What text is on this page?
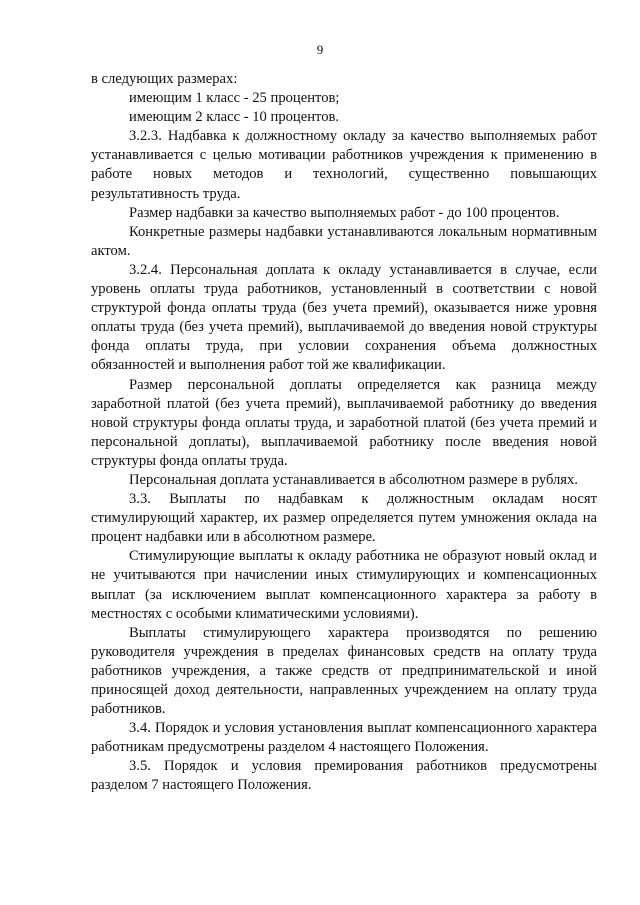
9

в следующих размерах:

имеющим 1 класс - 25 процентов;

имеющим 2 класс - 10 процентов.

3.2.3. Надбавка к должностному окладу за качество выполняемых работ устанавливается с целью мотивации работников учреждения к применению в работе новых методов и технологий, существенно повышающих результативность труда.

Размер надбавки за качество выполняемых работ - до 100 процентов.

Конкретные размеры надбавки устанавливаются локальным нормативным актом.

3.2.4. Персональная доплата к окладу устанавливается в случае, если уровень оплаты труда работников, установленный в соответствии с новой структурой фонда оплаты труда (без учета премий), оказывается ниже уровня оплаты труда (без учета премий), выплачиваемой до введения новой структуры фонда оплаты труда, при условии сохранения объема должностных обязанностей и выполнения работ той же квалификации.

Размер персональной доплаты определяется как разница между заработной платой (без учета премий), выплачиваемой работнику до введения новой структуры фонда оплаты труда, и заработной платой (без учета премий и персональной доплаты), выплачиваемой работнику после введения новой структуры фонда оплаты труда.

Персональная доплата устанавливается в абсолютном размере в рублях.

3.3. Выплаты по надбавкам к должностным окладам носят стимулирующий характер, их размер определяется путем умножения оклада на процент надбавки или в абсолютном размере.

Стимулирующие выплаты к окладу работника не образуют новый оклад и не учитываются при начислении иных стимулирующих и компенсационных выплат (за исключением выплат компенсационного характера за работу в местностях с особыми климатическими условиями).

Выплаты стимулирующего характера производятся по решению руководителя учреждения в пределах финансовых средств на оплату труда работников учреждения, а также средств от предпринимательской и иной приносящей доход деятельности, направленных учреждением на оплату труда работников.

3.4. Порядок и условия установления выплат компенсационного характера работникам предусмотрены разделом 4 настоящего Положения.

3.5. Порядок и условия премирования работников предусмотрены разделом 7 настоящего Положения.
